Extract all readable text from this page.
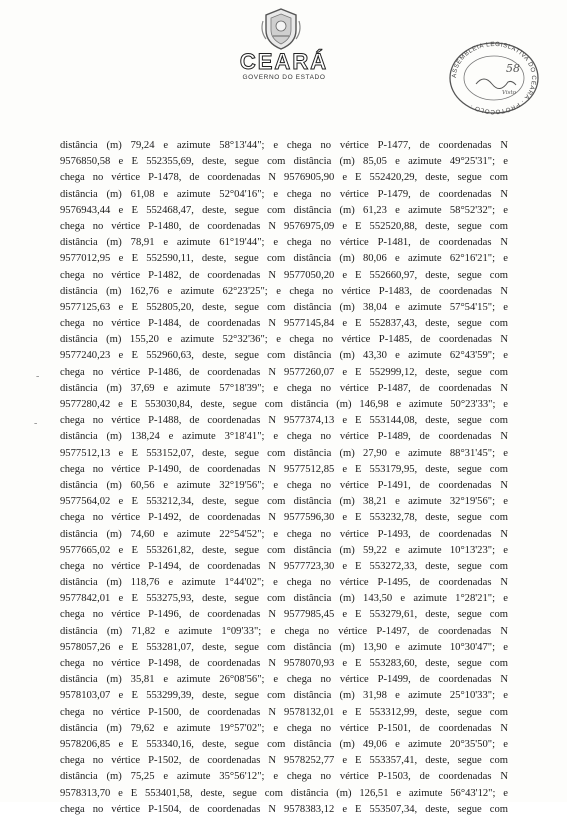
CEARÁ
GOVERNO DO ESTADO	ASSEMBLEIA LEGISLATIVA DO CEARÁ · PROTOCOLO ·
58
Visto
-
-
distância (m) 79,24 e azimute 58°13'44"; e chega no vértice P-1477, de coordenadas N
9576850,58 e E 552355,69, deste, segue com distância (m) 85,05 e azimute 49°25'31"; e
chega no vértice P-1478, de coordenadas N 9576905,90 e E 552420,29, deste, segue com
distância (m) 61,08 e azimute 52°04'16"; e chega no vértice P-1479, de coordenadas N
9576943,44 e E 552468,47, deste, segue com distância (m) 61,23 e azimute 58°52'32"; e
chega no vértice P-1480, de coordenadas N 9576975,09 e E 552520,88, deste, segue com
distância (m) 78,91 e azimute 61°19'44"; e chega no vértice P-1481, de coordenadas N
9577012,95 e E 552590,11, deste, segue com distância (m) 80,06 e azimute 62°16'21"; e
chega no vértice P-1482, de coordenadas N 9577050,20 e E 552660,97, deste, segue com
distância (m) 162,76 e azimute 62°23'25"; e chega no vértice P-1483, de coordenadas N
9577125,63 e E 552805,20, deste, segue com distância (m) 38,04 e azimute 57°54'15"; e
chega no vértice P-1484, de coordenadas N 9577145,84 e E 552837,43, deste, segue com
distância (m) 155,20 e azimute 52°32'36"; e chega no vértice P-1485, de coordenadas N
9577240,23 e E 552960,63, deste, segue com distância (m) 43,30 e azimute 62°43'59"; e
chega no vértice P-1486, de coordenadas N 9577260,07 e E 552999,12, deste, segue com
distância (m) 37,69 e azimute 57°18'39"; e chega no vértice P-1487, de coordenadas N
9577280,42 e E 553030,84, deste, segue com distância (m) 146,98 e azimute 50°23'33"; e
chega no vértice P-1488, de coordenadas N 9577374,13 e E 553144,08, deste, segue com
distância (m) 138,24 e azimute 3°18'41"; e chega no vértice P-1489, de coordenadas N
9577512,13 e E 553152,07, deste, segue com distância (m) 27,90 e azimute 88°31'45"; e
chega no vértice P-1490, de coordenadas N 9577512,85 e E 553179,95, deste, segue com
distância (m) 60,56 e azimute 32°19'56"; e chega no vértice P-1491, de coordenadas N
9577564,02 e E 553212,34, deste, segue com distância (m) 38,21 e azimute 32°19'56"; e
chega no vértice P-1492, de coordenadas N 9577596,30 e E 553232,78, deste, segue com
distância (m) 74,60 e azimute 22°54'52"; e chega no vértice P-1493, de coordenadas N
9577665,02 e E 553261,82, deste, segue com distância (m) 59,22 e azimute 10°13'23"; e
chega no vértice P-1494, de coordenadas N 9577723,30 e E 553272,33, deste, segue com
distância (m) 118,76 e azimute 1°44'02"; e chega no vértice P-1495, de coordenadas N
9577842,01 e E 553275,93, deste, segue com distância (m) 143,50 e azimute 1°28'21"; e
chega no vértice P-1496, de coordenadas N 9577985,45 e E 553279,61, deste, segue com
distância (m) 71,82 e azimute 1°09'33"; e chega no vértice P-1497, de coordenadas N
9578057,26 e E 553281,07, deste, segue com distância (m) 13,90 e azimute 10°30'47"; e
chega no vértice P-1498, de coordenadas N 9578070,93 e E 553283,60, deste, segue com
distância (m) 35,81 e azimute 26°08'56"; e chega no vértice P-1499, de coordenadas N
9578103,07 e E 553299,39, deste, segue com distância (m) 31,98 e azimute 25°10'33"; e
chega no vértice P-1500, de coordenadas N 9578132,01 e E 553312,99, deste, segue com
distância (m) 79,62 e azimute 19°57'02"; e chega no vértice P-1501, de coordenadas N
9578206,85 e E 553340,16, deste, segue com distância (m) 49,06 e azimute 20°35'50"; e
chega no vértice P-1502, de coordenadas N 9578252,77 e E 553357,41, deste, segue com
distância (m) 75,25 e azimute 35°56'12"; e chega no vértice P-1503, de coordenadas N
9578313,70 e E 553401,58, deste, segue com distância (m) 126,51 e azimute 56°43'12"; e
chega no vértice P-1504, de coordenadas N 9578383,12 e E 553507,34, deste, segue com
